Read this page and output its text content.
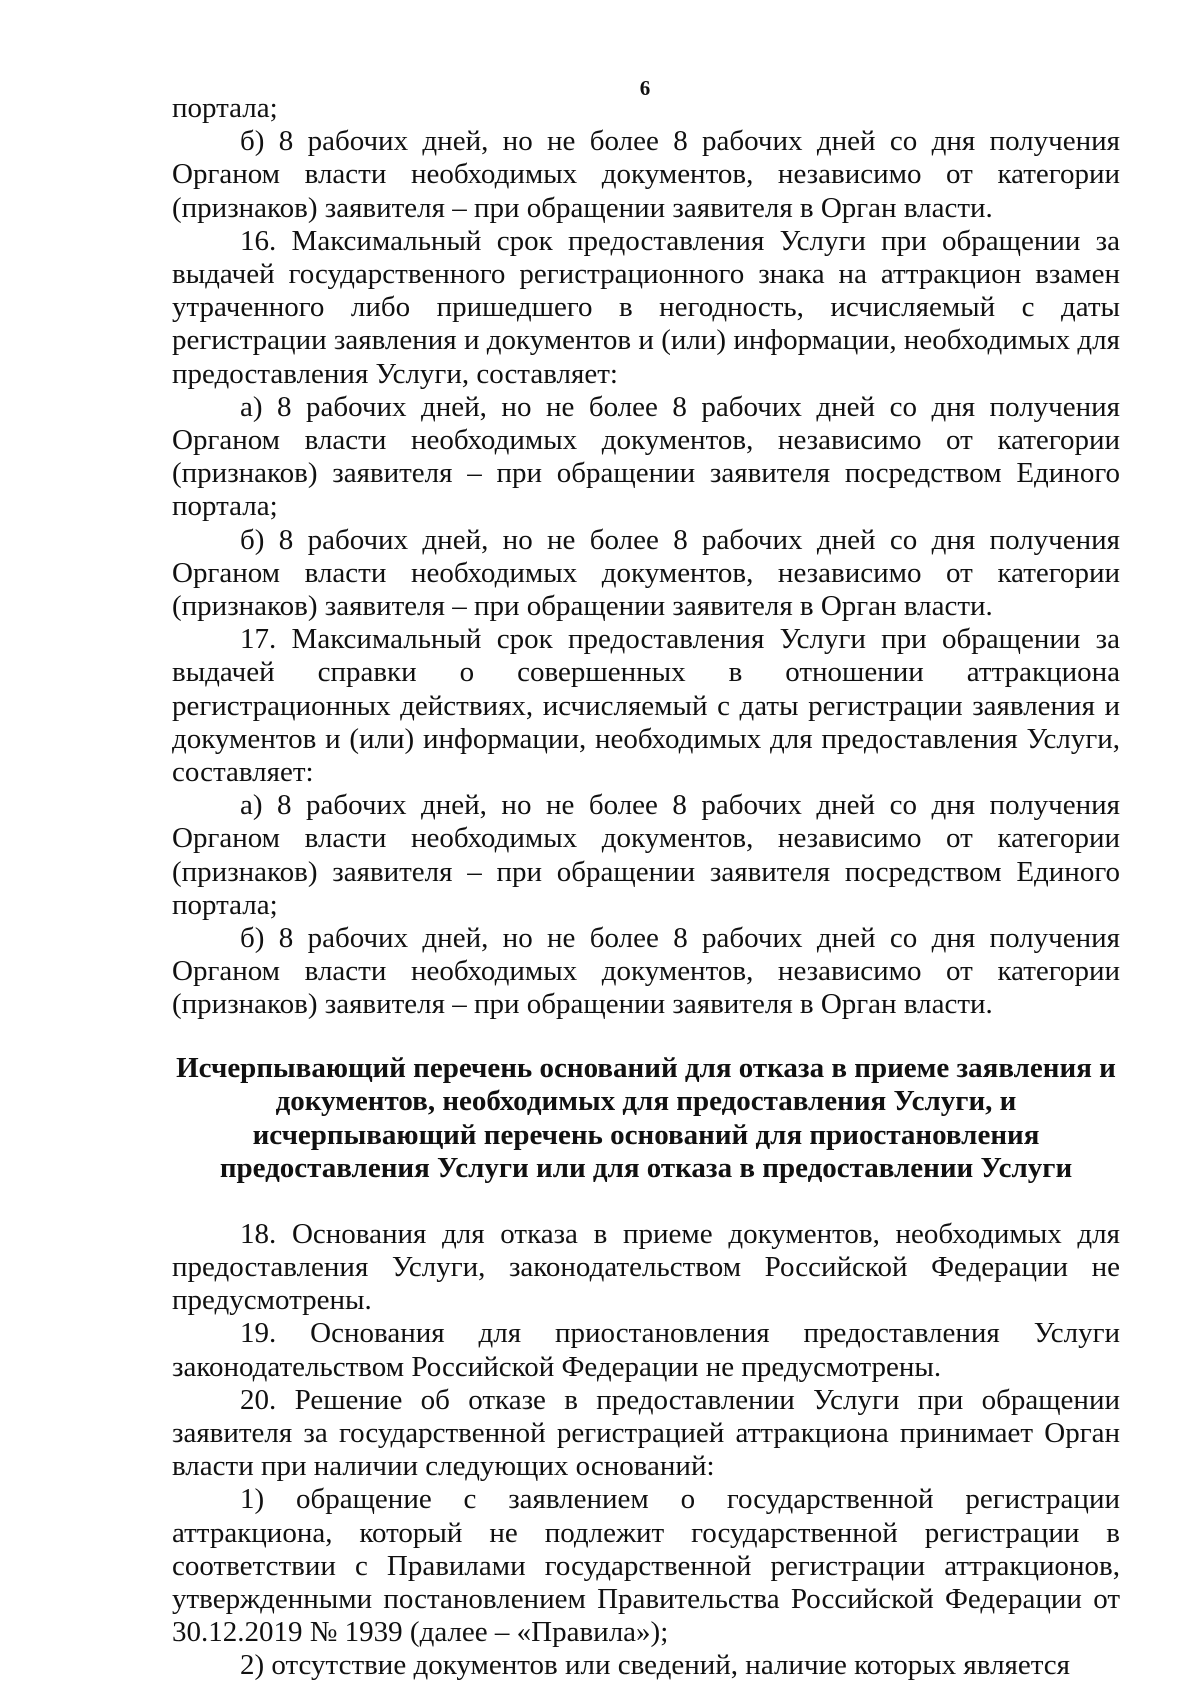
6

портала;

б) 8 рабочих дней, но не более 8 рабочих дней со дня получения Органом власти необходимых документов, независимо от категории (признаков) заявителя – при обращении заявителя в Орган власти.

16. Максимальный срок предоставления Услуги при обращении за выдачей государственного регистрационного знака на аттракцион взамен утраченного либо пришедшего в негодность, исчисляемый с даты регистрации заявления и документов и (или) информации, необходимых для предоставления Услуги, составляет:

а) 8 рабочих дней, но не более 8 рабочих дней со дня получения Органом власти необходимых документов, независимо от категории (признаков) заявителя – при обращении заявителя посредством Единого портала;

б) 8 рабочих дней, но не более 8 рабочих дней со дня получения Органом власти необходимых документов, независимо от категории (признаков) заявителя – при обращении заявителя в Орган власти.

17. Максимальный срок предоставления Услуги при обращении за выдачей справки о совершенных в отношении аттракциона регистрационных действиях, исчисляемый с даты регистрации заявления и документов и (или) информации, необходимых для предоставления Услуги, составляет:

а) 8 рабочих дней, но не более 8 рабочих дней со дня получения Органом власти необходимых документов, независимо от категории (признаков) заявителя – при обращении заявителя посредством Единого портала;

б) 8 рабочих дней, но не более 8 рабочих дней со дня получения Органом власти необходимых документов, независимо от категории (признаков) заявителя – при обращении заявителя в Орган власти.

Исчерпывающий перечень оснований для отказа в приеме заявления и документов, необходимых для предоставления Услуги, и исчерпывающий перечень оснований для приостановления предоставления Услуги или для отказа в предоставлении Услуги

18. Основания для отказа в приеме документов, необходимых для предоставления Услуги, законодательством Российской Федерации не предусмотрены.

19. Основания для приостановления предоставления Услуги законодательством Российской Федерации не предусмотрены.

20. Решение об отказе в предоставлении Услуги при обращении заявителя за государственной регистрацией аттракциона принимает Орган власти при наличии следующих оснований:

1) обращение с заявлением о государственной регистрации аттракциона, который не подлежит государственной регистрации в соответствии с Правилами государственной регистрации аттракционов, утвержденными постановлением Правительства Российской Федерации от 30.12.2019 № 1939 (далее – «Правила»);

2) отсутствие документов или сведений, наличие которых является
